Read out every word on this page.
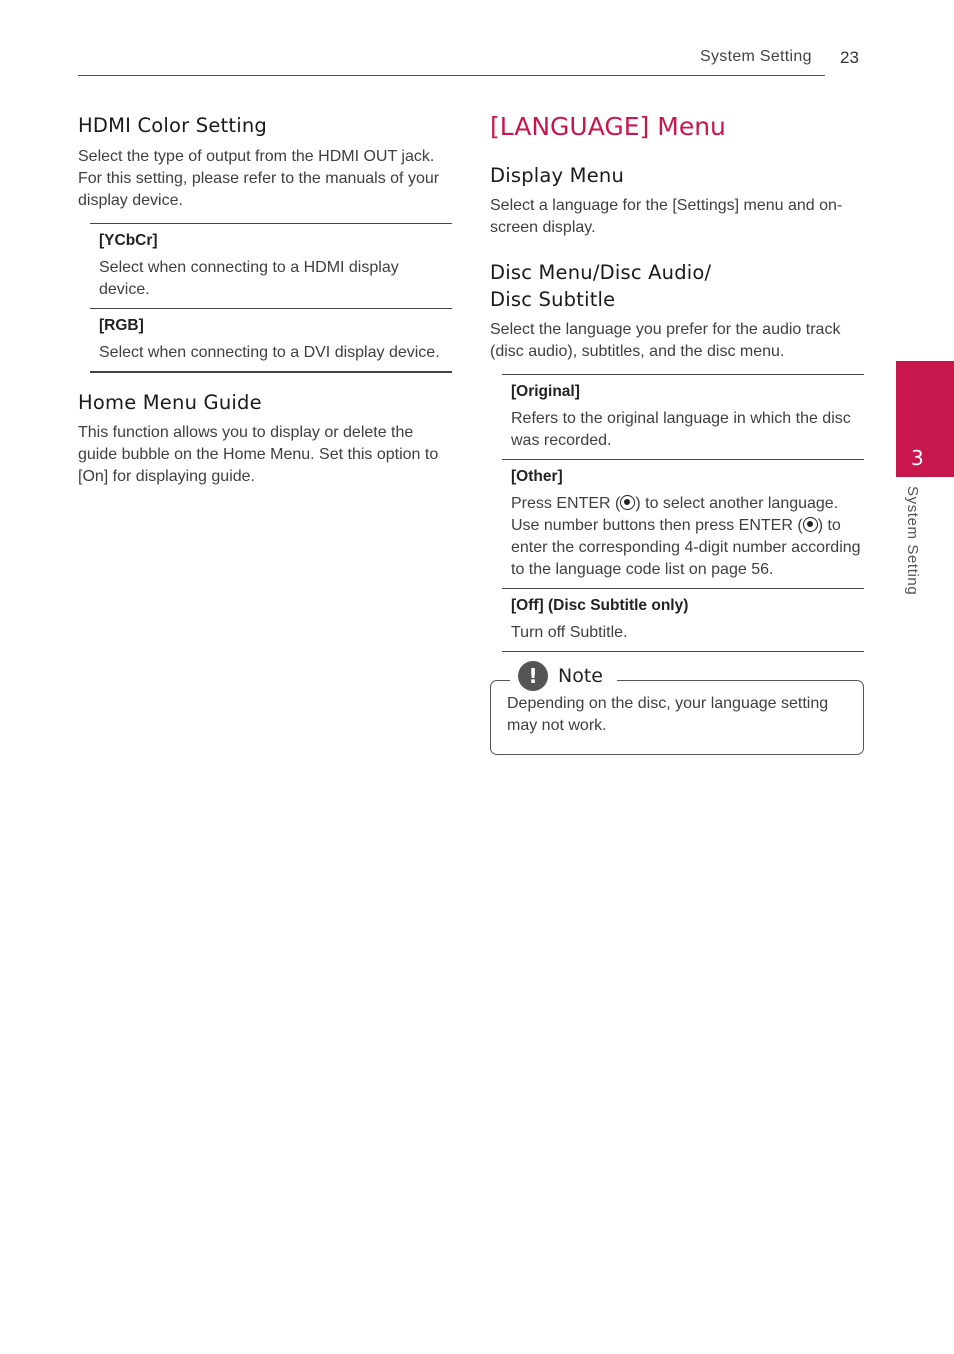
System Setting 23
HDMI Color Setting

Select the type of output from the HDMI OUT jack. For this setting, please refer to the manuals of your display device.

[YCbCr]
Select when connecting to a HDMI display device.
[RGB]
Select when connecting to a DVI display device.
Home Menu Guide

This function allows you to display or delete the guide bubble on the Home Menu. Set this option to [On] for displaying guide.

[LANGUAGE] Menu
Display Menu

Select a language for the [Settings] menu and on-screen display.

Disc Menu/Disc Audio/
Disc Subtitle

Select the language you prefer for the audio track (disc audio), subtitles, and the disc menu.

[Original]
Refers to the original language in which the disc was recorded.
[Other]
Press ENTER ( ) to select another language. Use number buttons then press ENTER ( ) to enter the corresponding 4-digit number according to the language code list on page 56.
[Off] (Disc Subtitle only)
Turn off Subtitle.

Depending on the disc, your language setting may not work.

!	Note
3
System Setting
